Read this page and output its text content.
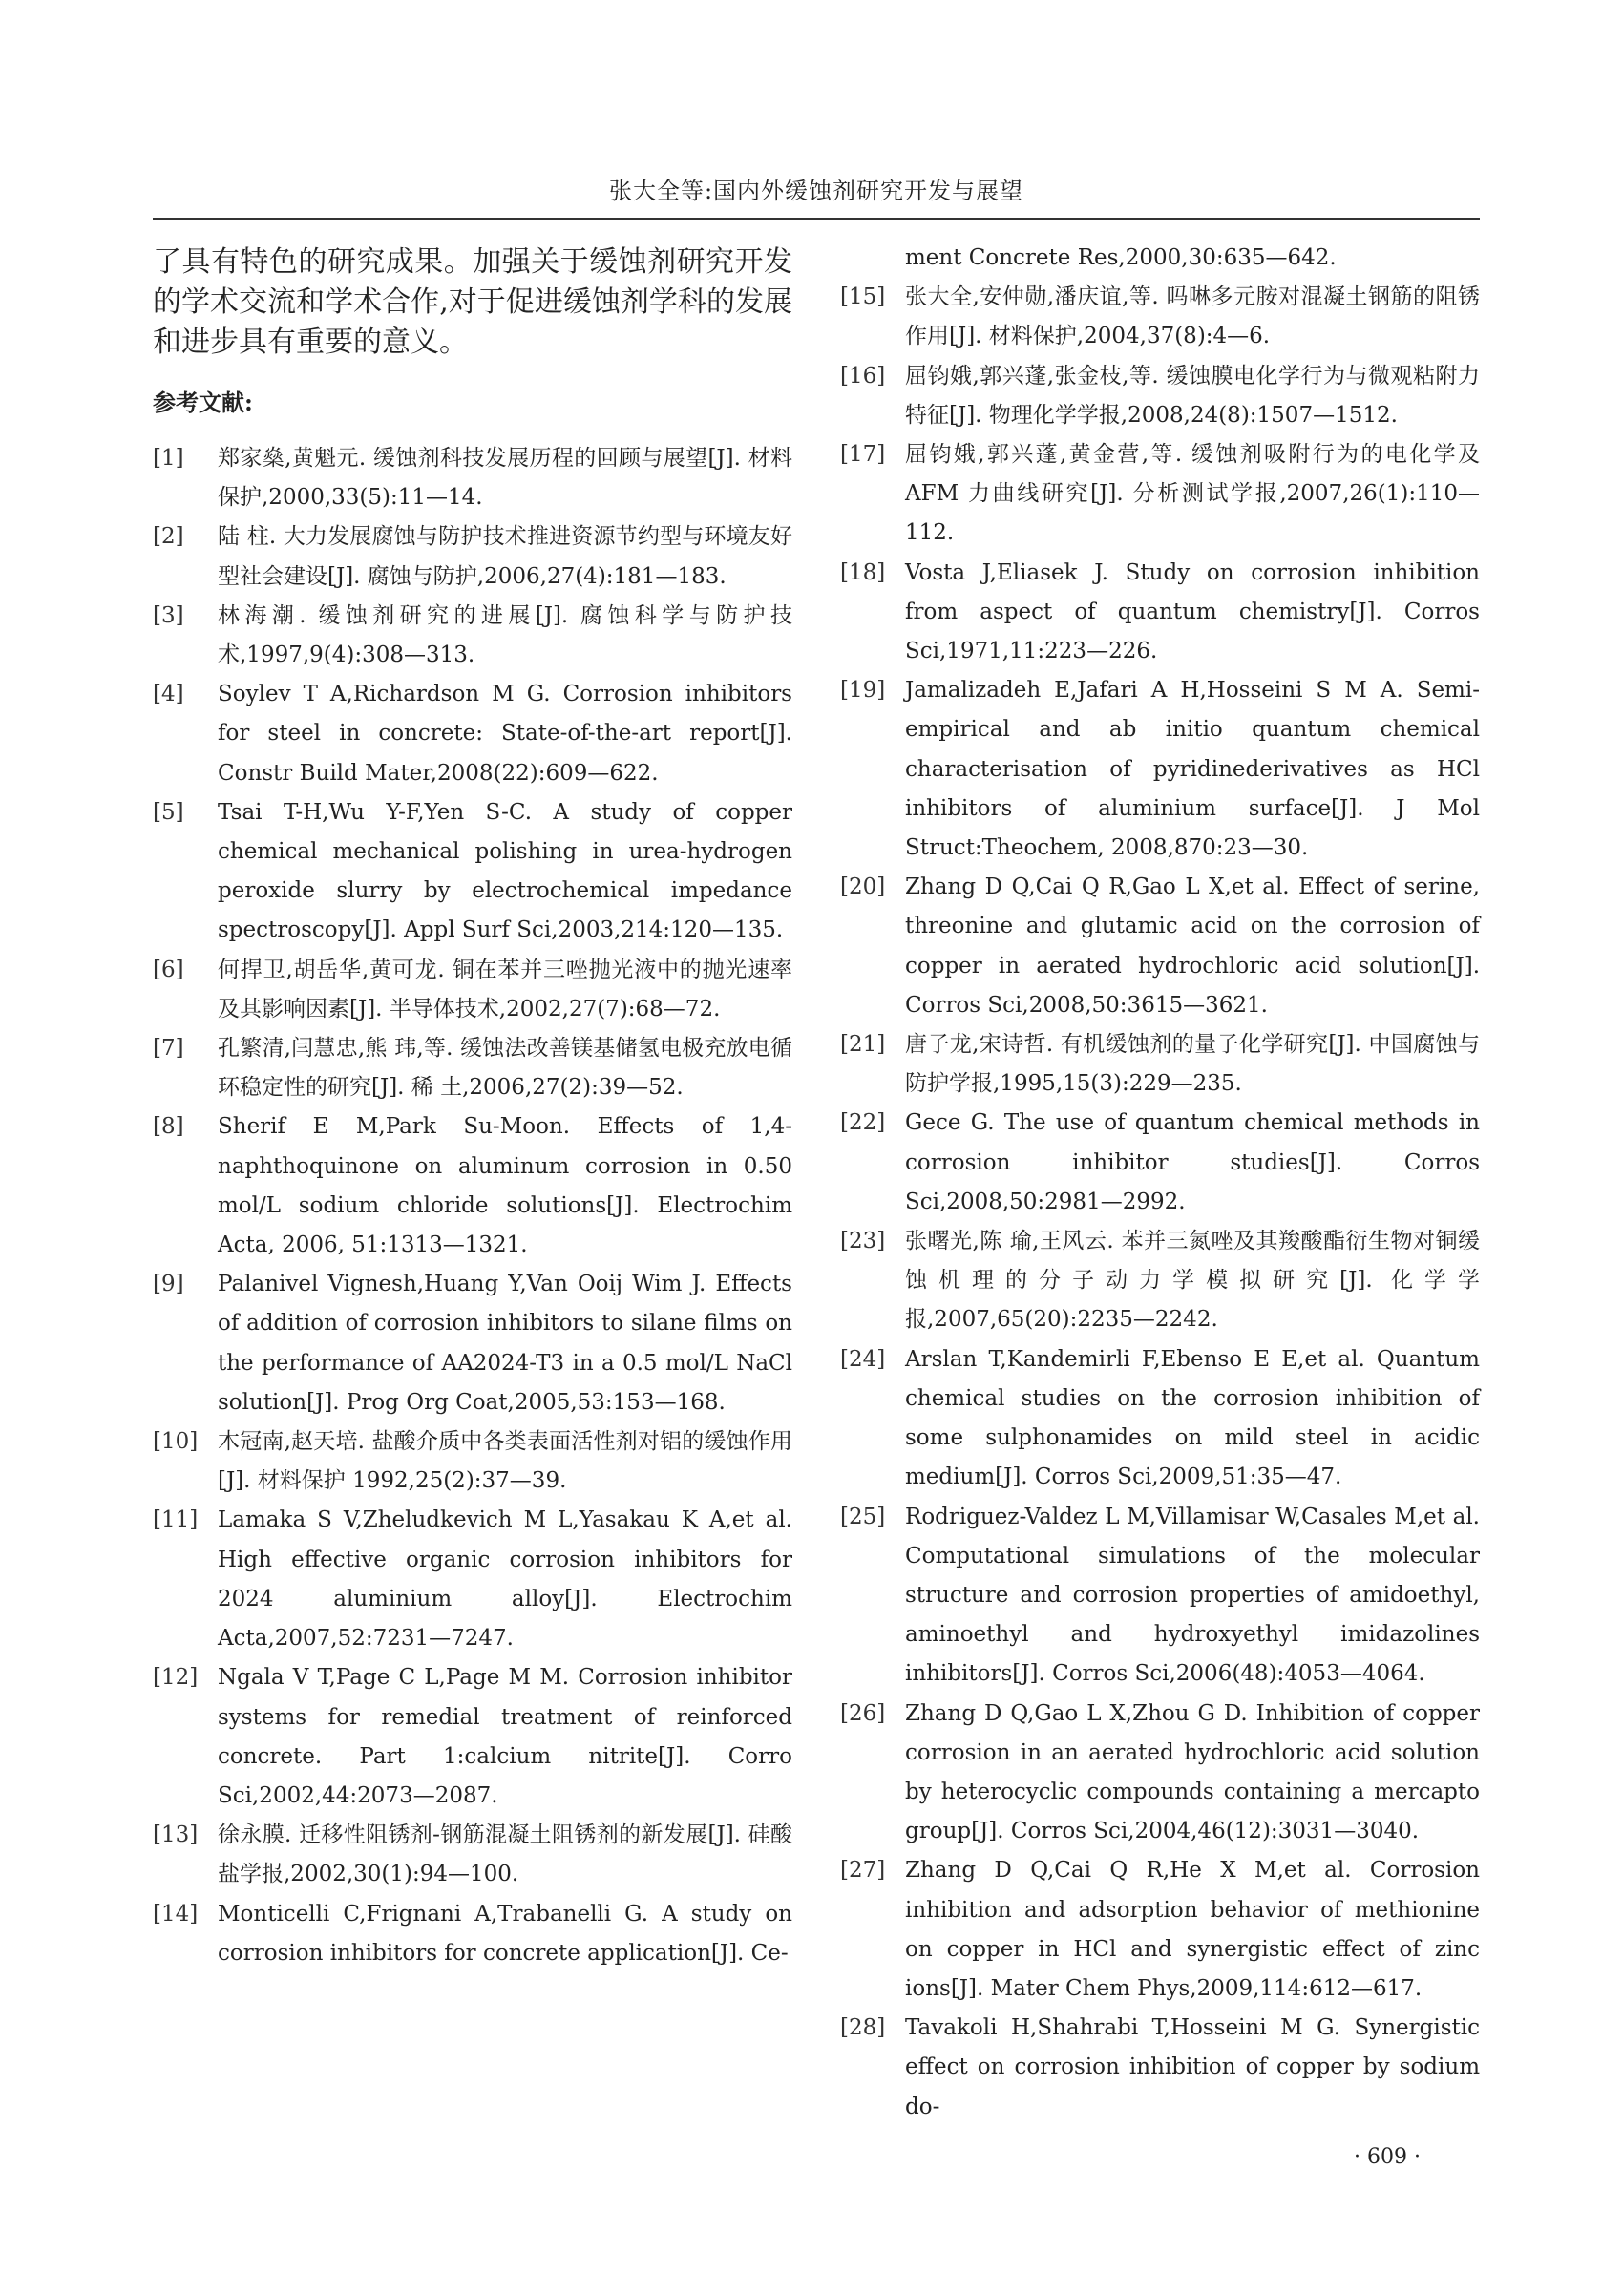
张大全等:国内外缓蚀剂研究开发与展望

了具有特色的研究成果。加强关于缓蚀剂研究开发的学术交流和学术合作,对于促进缓蚀剂学科的发展和进步具有重要的意义。

参考文献:
[1]	郑家燊,黄魁元. 缓蚀剂科技发展历程的回顾与展望[J]. 材料保护,2000,33(5):11—14.
[2]	陆 柱. 大力发展腐蚀与防护技术推进资源节约型与环境友好型社会建设[J]. 腐蚀与防护,2006,27(4):181—183.
[3]	林海潮. 缓蚀剂研究的进展[J]. 腐蚀科学与防护技术,1997,9(4):308—313.
[4]	Soylev T A,Richardson M G. Corrosion inhibitors for steel in concrete: State-of-the-art report[J]. Constr Build Mater,2008(22):609—622.
[5]	Tsai T-H,Wu Y-F,Yen S-C. A study of copper chemical mechanical polishing in urea-hydrogen peroxide slurry by electrochemical impedance spectroscopy[J]. Appl Surf Sci,2003,214:120—135.
[6]	何捍卫,胡岳华,黄可龙. 铜在苯并三唑抛光液中的抛光速率及其影响因素[J]. 半导体技术,2002,27(7):68—72.
[7]	孔繁清,闫慧忠,熊 玮,等. 缓蚀法改善镁基储氢电极充放电循环稳定性的研究[J]. 稀 土,2006,27(2):39—52.
[8]	Sherif E M,Park Su-Moon. Effects of 1,4-naphthoquinone on aluminum corrosion in 0.50 mol/L sodium chloride solutions[J]. Electrochim Acta, 2006, 51:1313—1321.
[9]	Palanivel Vignesh,Huang Y,Van Ooij Wim J. Effects of addition of corrosion inhibitors to silane films on the performance of AA2024-T3 in a 0.5 mol/L NaCl solution[J]. Prog Org Coat,2005,53:153—168.
[10] 木冠南,赵天培. 盐酸介质中各类表面活性剂对铝的缓蚀作用[J]. 材料保护 1992,25(2):37—39.
[11] Lamaka S V,Zheludkevich M L,Yasakau K A,et al. High effective organic corrosion inhibitors for 2024 aluminium alloy[J]. Electrochim Acta,2007,52:7231—7247.
[12] Ngala V T,Page C L,Page M M. Corrosion inhibitor systems for remedial treatment of reinforced concrete. Part 1:calcium nitrite[J]. Corro Sci,2002,44:2073—2087.
[13] 徐永膜. 迁移性阻锈剂-钢筋混凝土阻锈剂的新发展[J]. 硅酸盐学报,2002,30(1):94—100.
[14] Monticelli C,Frignani A,Trabanelli G. A study on corrosion inhibitors for concrete application[J]. Ce-
ment Concrete Res,2000,30:635—642.
[15] 张大全,安仲勋,潘庆谊,等. 吗啉多元胺对混凝土钢筋的阻锈作用[J]. 材料保护,2004,37(8):4—6.
[16] 屈钧娥,郭兴蓬,张金枝,等. 缓蚀膜电化学行为与微观粘附力特征[J]. 物理化学学报,2008,24(8):1507—1512.
[17] 屈钧娥,郭兴蓬,黄金营,等. 缓蚀剂吸附行为的电化学及 AFM 力曲线研究[J]. 分析测试学报,2007,26(1):110—112.
[18] Vosta J,Eliasek J. Study on corrosion inhibition from aspect of quantum chemistry[J]. Corros Sci,1971,11:223—226.
[19] Jamalizadeh E,Jafari A H,Hosseini S M A. Semi-empirical and ab initio quantum chemical characterisation of pyridinederivatives as HCl inhibitors of aluminium surface[J]. J Mol Struct:Theochem, 2008,870:23—30.
[20] Zhang D Q,Cai Q R,Gao L X,et al. Effect of serine, threonine and glutamic acid on the corrosion of copper in aerated hydrochloric acid solution[J]. Corros Sci,2008,50:3615—3621.
[21] 唐子龙,宋诗哲. 有机缓蚀剂的量子化学研究[J]. 中国腐蚀与防护学报,1995,15(3):229—235.
[22] Gece G. The use of quantum chemical methods in corrosion inhibitor studies[J]. Corros Sci,2008,50:2981—2992.
[23] 张曙光,陈 瑜,王风云. 苯并三氮唑及其羧酸酯衍生物对铜缓蚀机理的分子动力学模拟研究[J]. 化学学报,2007,65(20):2235—2242.
[24] Arslan T,Kandemirli F,Ebenso E E,et al. Quantum chemical studies on the corrosion inhibition of some sulphonamides on mild steel in acidic medium[J]. Corros Sci,2009,51:35—47.
[25] Rodriguez-Valdez L M,Villamisar W,Casales M,et al. Computational simulations of the molecular structure and corrosion properties of amidoethyl, aminoethyl and hydroxyethyl imidazolines inhibitors[J]. Corros Sci,2006(48):4053—4064.
[26] Zhang D Q,Gao L X,Zhou G D. Inhibition of copper corrosion in an aerated hydrochloric acid solution by heterocyclic compounds containing a mercapto group[J]. Corros Sci,2004,46(12):3031—3040.
[27] Zhang D Q,Cai Q R,He X M,et al. Corrosion inhibition and adsorption behavior of methionine on copper in HCl and synergistic effect of zinc ions[J]. Mater Chem Phys,2009,114:612—617.
[28] Tavakoli H,Shahrabi T,Hosseini M G. Synergistic effect on corrosion inhibition of copper by sodium do-
· 609 ·
